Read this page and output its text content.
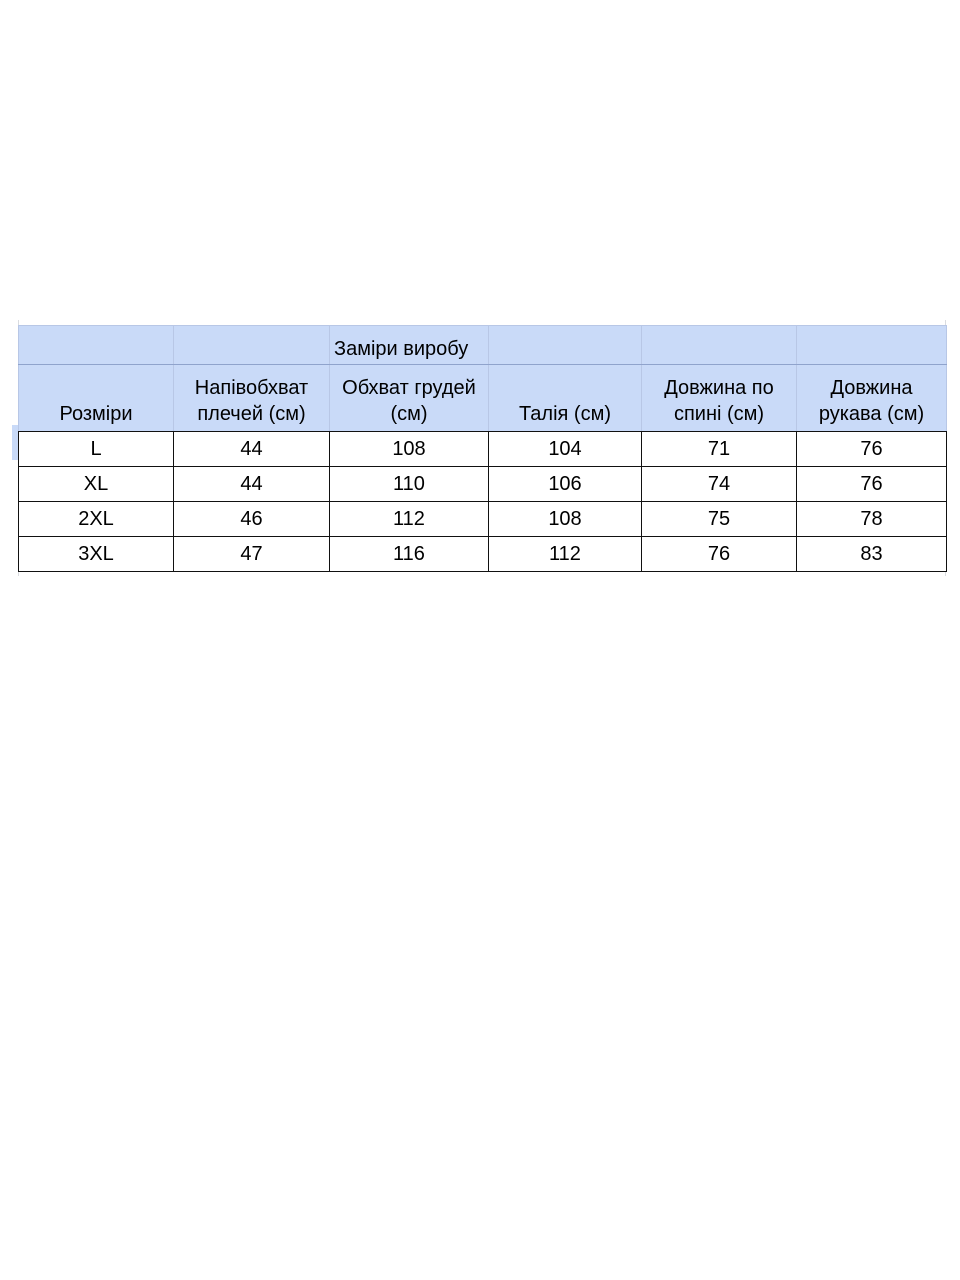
		Заміри виробу			
Розміри	Напівобхват плечей (см)	Обхват грудей (см)	Талія (см)	Довжина по спині (см)	Довжина рукава (см)
L	44	108	104	71	76
XL	44	110	106	74	76
2XL	46	112	108	75	78
3XL	47	116	112	76	83
